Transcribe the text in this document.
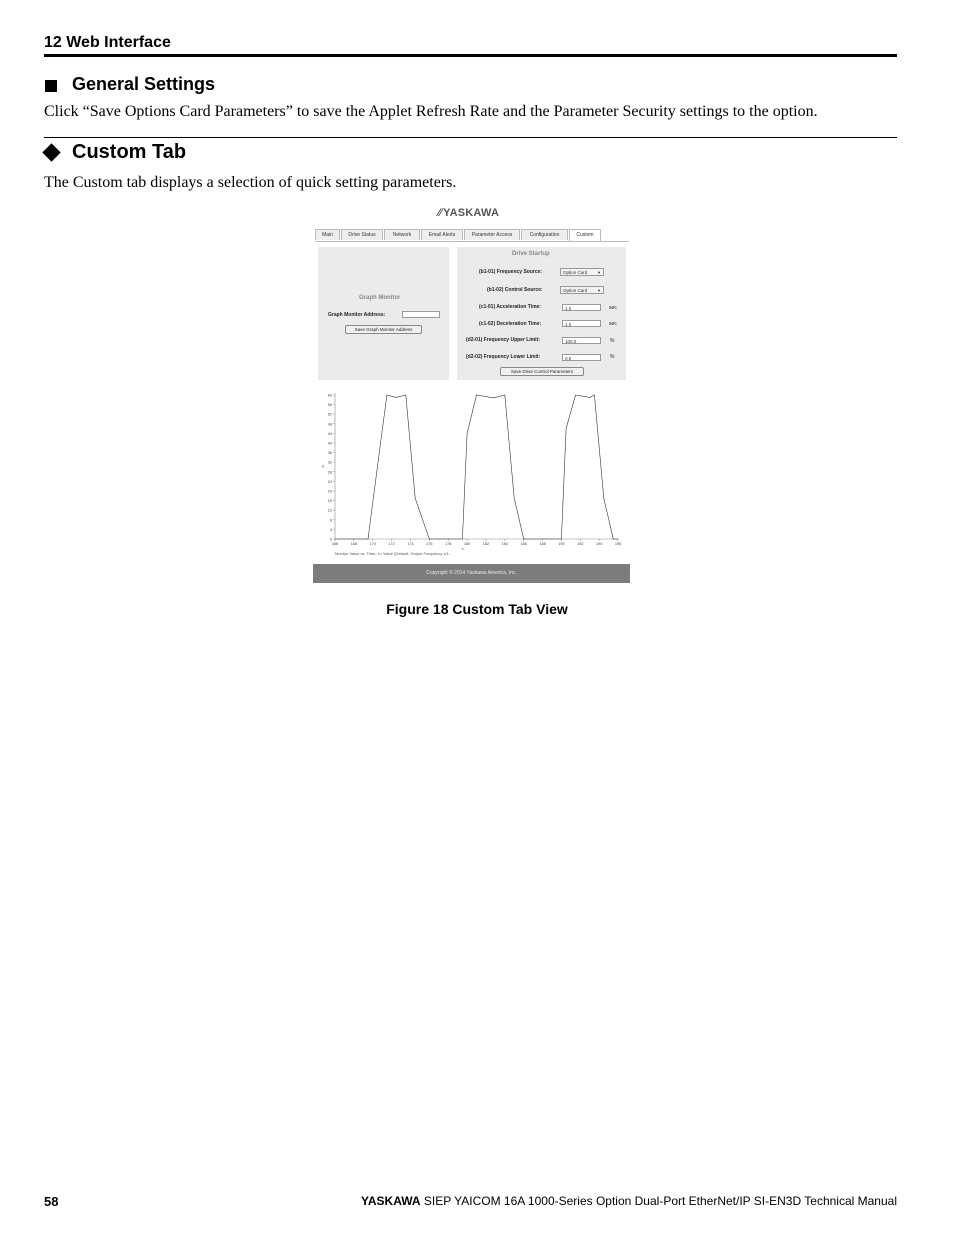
12 Web Interface
General Settings
Click “Save Options Card Parameters” to save the Applet Refresh Rate and the Parameter Security settings to the option.
Custom Tab
The Custom tab displays a selection of quick setting parameters.
∕∕YASKAWA
Main	Drive Status	Network	Email Alerts	Parameter Access	Configuration	Custom
Graph Monitor
Graph Monitor Address:
Save Graph Monitor Address
Drive Startup
(b1-01) Frequency Source:	Option Card ▼
(b1-02) Control Source:	Option Card ▼
(c1-01) Acceleration Time:	1.0	sec
(c1-02) Deceleration Time:	1.0	sec
(d2-01) Frequency Upper Limit:	100.0	%
(d2-02) Frequency Lower Limit:	0.0	%
Save Drive Control Parameters
0
4
8
12
16
20
24
28
32
36
40
44
48
52
56
60
166	168	170	172	174	176	178	180	182	184	186	188	190	192	194	196
y
x
Monitor Value vs. Time, x= Value (Default: Output Frequency U1-
Copyright © 2014 Yaskawa America, Inc.
Figure 18 Custom Tab View
58	YASKAWA SIEP YAICOM 16A 1000-Series Option Dual-Port EtherNet/IP SI-EN3D Technical Manual
